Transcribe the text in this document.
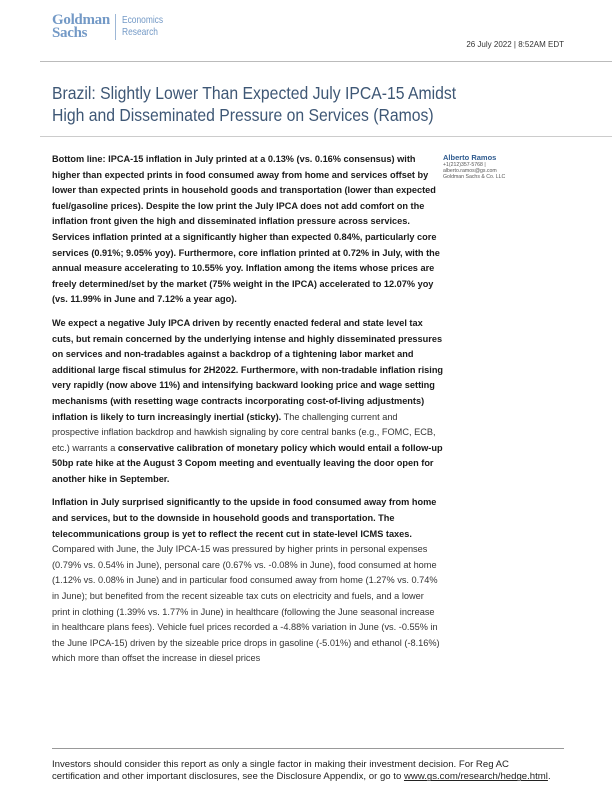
Goldman
Sachs
Economics
Research
26 July 2022 | 8:52AM EDT
Brazil: Slightly Lower Than Expected July IPCA-15 Amidst High and Disseminated Pressure on Services (Ramos)
Alberto Ramos
+1(212)357-5768 |
alberto.ramos@gs.com
Goldman Sachs & Co. LLC

Bottom line: IPCA-15 inflation in July printed at a 0.13% (vs. 0.16% consensus) with higher than expected prints in food consumed away from home and services offset by lower than expected prints in household goods and transportation (lower than expected fuel/gasoline prices). Despite the low print the July IPCA does not add comfort on the inflation front given the high and disseminated inflation pressure across services. Services inflation printed at a significantly higher than expected 0.84%, particularly core services (0.91%; 9.05% yoy). Furthermore, core inflation printed at 0.72% in July, with the annual measure accelerating to 10.55% yoy. Inflation among the items whose prices are freely determined/set by the market (75% weight in the IPCA) accelerated to 12.07% yoy (vs. 11.99% in June and 7.12% a year ago).

We expect a negative July IPCA driven by recently enacted federal and state level tax cuts, but remain concerned by the underlying intense and highly disseminated pressures on services and non-tradables against a backdrop of a tightening labor market and additional large fiscal stimulus for 2H2022. Furthermore, with non-tradable inflation rising very rapidly (now above 11%) and intensifying backward looking price and wage setting mechanisms (with resetting wage contracts incorporating cost-of-living adjustments) inflation is likely to turn increasingly inertial (sticky). The challenging current and prospective inflation backdrop and hawkish signaling by core central banks (e.g., FOMC, ECB, etc.) warrants a conservative calibration of monetary policy which would entail a follow-up 50bp rate hike at the August 3 Copom meeting and eventually leaving the door open for another hike in September.

Inflation in July surprised significantly to the upside in food consumed away from home and services, but to the downside in household goods and transportation. The telecommunications group is yet to reflect the recent cut in state-level ICMS taxes. Compared with June, the July IPCA-15 was pressured by higher prints in personal expenses (0.79% vs. 0.54% in June), personal care (0.67% vs. -0.08% in June), food consumed at home (1.12% vs. 0.08% in June) and in particular food consumed away from home (1.27% vs. 0.74% in June); but benefited from the recent sizeable tax cuts on electricity and fuels, and a lower print in clothing (1.39% vs. 1.77% in June) in healthcare (following the June seasonal increase in healthcare plans fees). Vehicle fuel prices recorded a -4.88% variation in June (vs. -0.55% in the June IPCA-15) driven by the sizeable price drops in gasoline (-5.01%) and ethanol (-8.16%) which more than offset the increase in diesel prices

Investors should consider this report as only a single factor in making their investment decision. For Reg AC certification and other important disclosures, see the Disclosure Appendix, or go to www.gs.com/research/hedge.html.
